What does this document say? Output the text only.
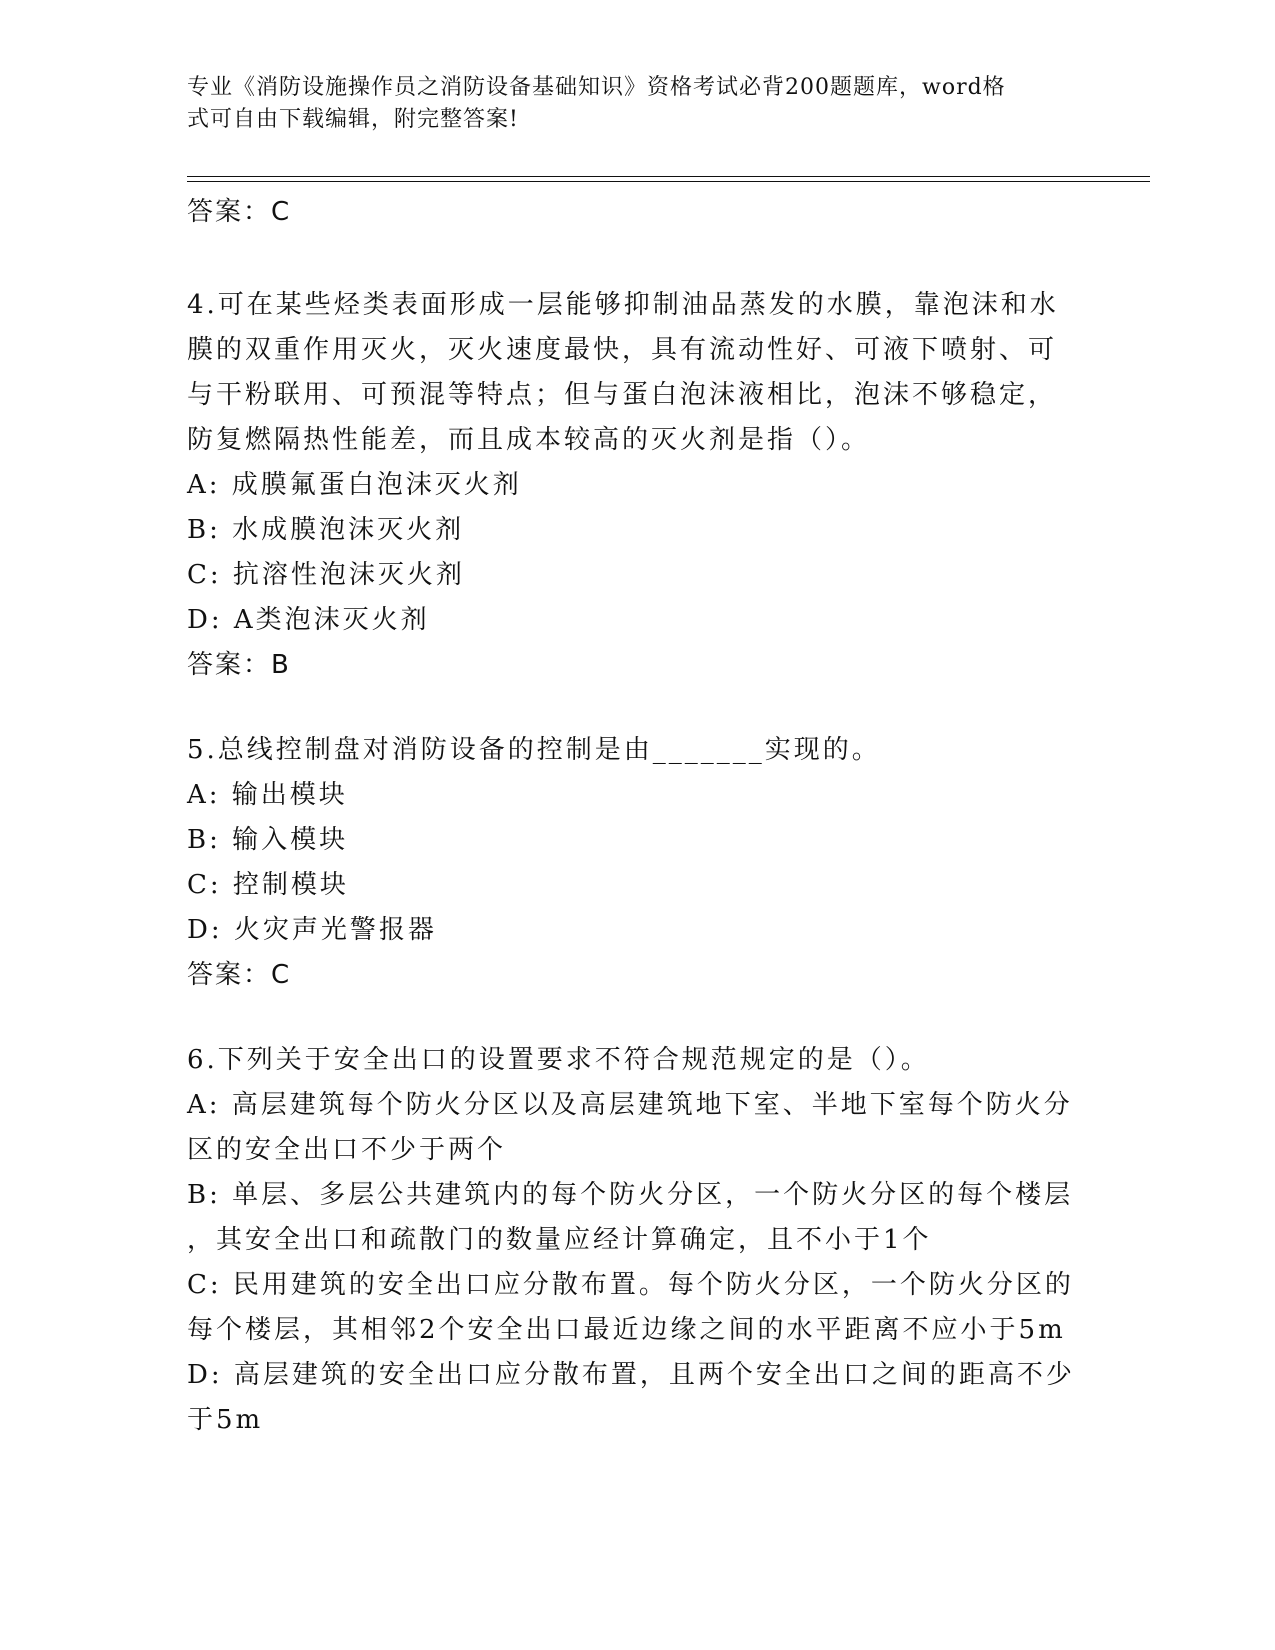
专业《消防设施操作员之消防设备基础知识》资格考试必背200题题库，word格
式可自由下载编辑，附完整答案!
答案：C
4.可在某些烃类表面形成一层能够抑制油品蒸发的水膜，靠泡沫和水
膜的双重作用灭火，灭火速度最快，具有流动性好、可液下喷射、可
与干粉联用、可预混等特点；但与蛋白泡沫液相比，泡沫不够稳定，
防复燃隔热性能差，而且成本较高的灭火剂是指（）。
A: 成膜氟蛋白泡沫灭火剂
B: 水成膜泡沫灭火剂
C: 抗溶性泡沫灭火剂
D: A类泡沫灭火剂
答案：B
5.总线控制盘对消防设备的控制是由_______实现的。
A: 输出模块
B: 输入模块
C: 控制模块
D: 火灾声光警报器
答案：C
6.下列关于安全出口的设置要求不符合规范规定的是（）。
A: 高层建筑每个防火分区以及高层建筑地下室、半地下室每个防火分
区的安全出口不少于两个
B: 单层、多层公共建筑内的每个防火分区，一个防火分区的每个楼层
，其安全出口和疏散门的数量应经计算确定，且不小于1个
C: 民用建筑的安全出口应分散布置。每个防火分区，一个防火分区的
每个楼层，其相邻2个安全出口最近边缘之间的水平距离不应小于5m
D: 高层建筑的安全出口应分散布置，且两个安全出口之间的距高不少
于5m
